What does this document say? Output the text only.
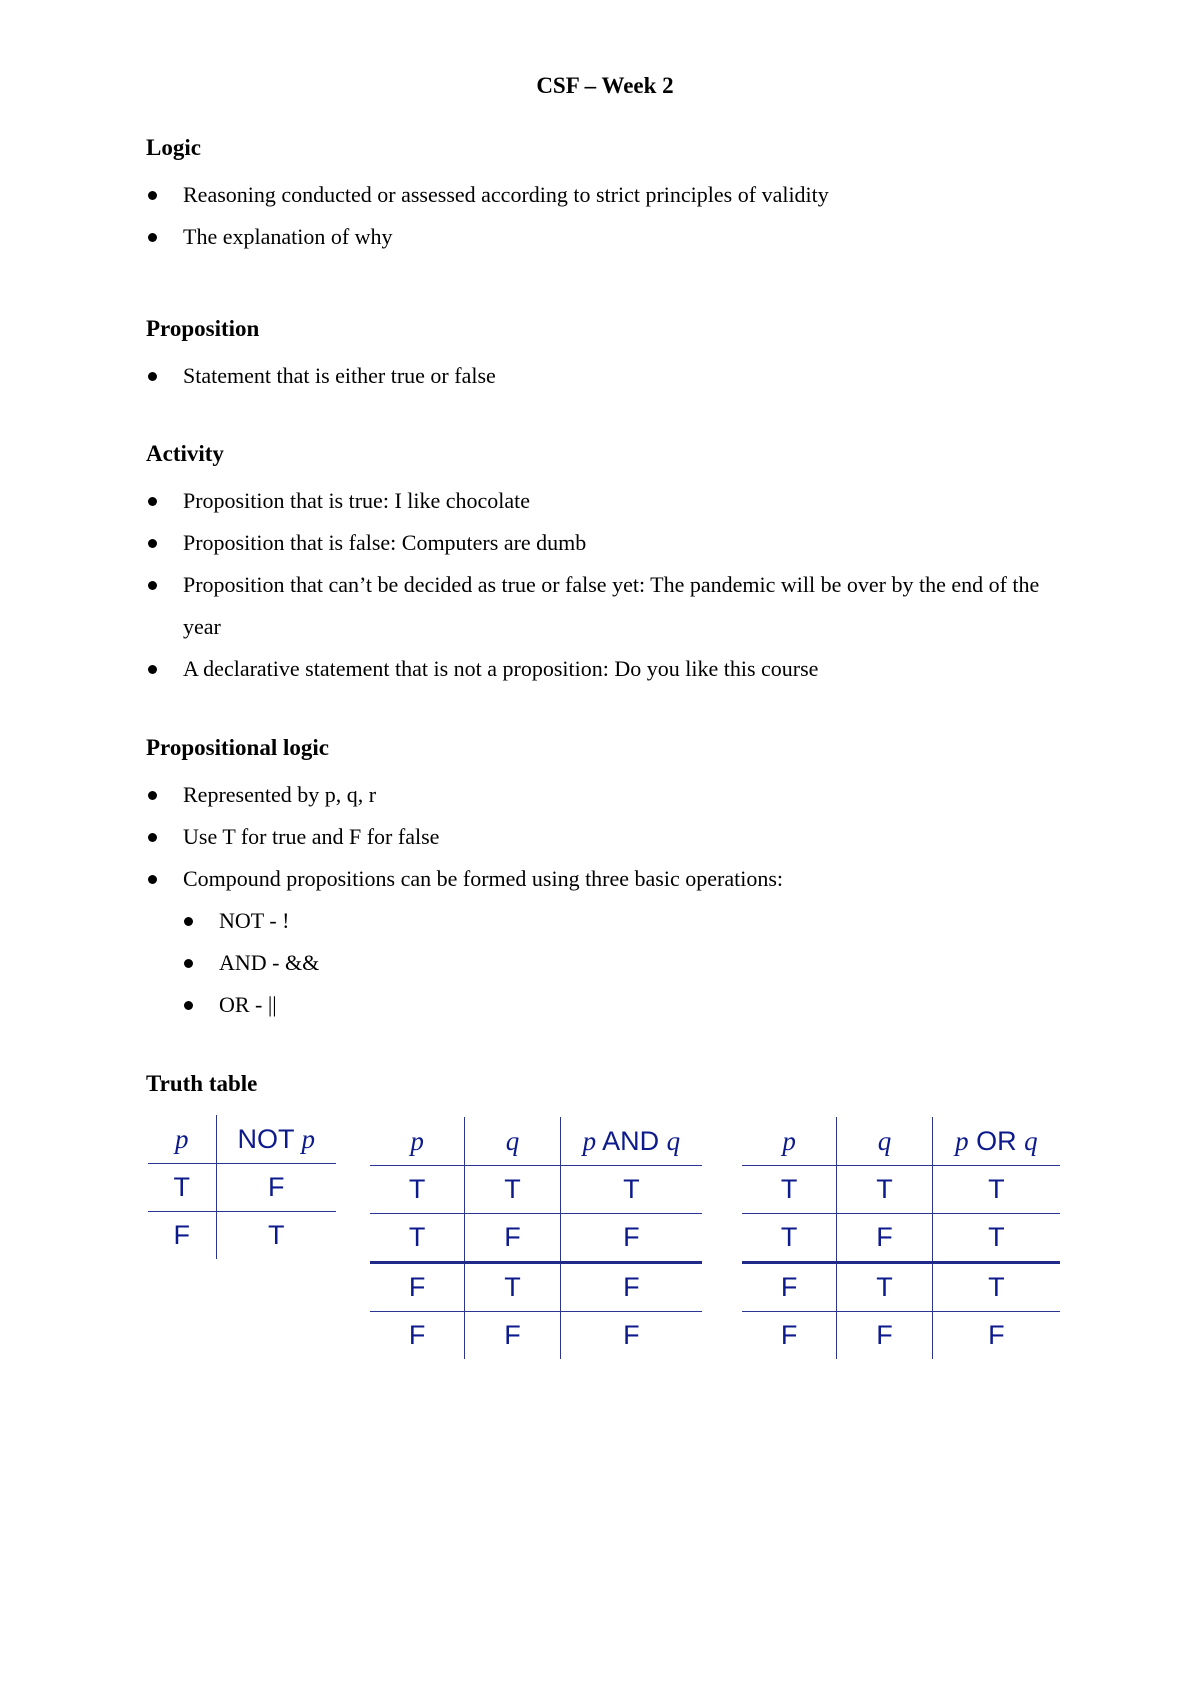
CSF – Week 2
Logic
Reasoning conducted or assessed according to strict principles of validity
The explanation of why
Proposition
Statement that is either true or false
Activity
Proposition that is true: I like chocolate
Proposition that is false: Computers are dumb
Proposition that can’t be decided as true or false yet: The pandemic will be over by the end of the year
A declarative statement that is not a proposition: Do you like this course
Propositional logic
Represented by p, q, r
Use T for true and F for false
Compound propositions can be formed using three basic operations:
NOT - !
AND - &&
OR - ||
Truth table
p	NOT p
T	F
F	T
p	q	p AND q
T	T	T
T	F	F
F	T	F
F	F	F
p	q	p OR q
T	T	T
T	F	T
F	T	T
F	F	F
